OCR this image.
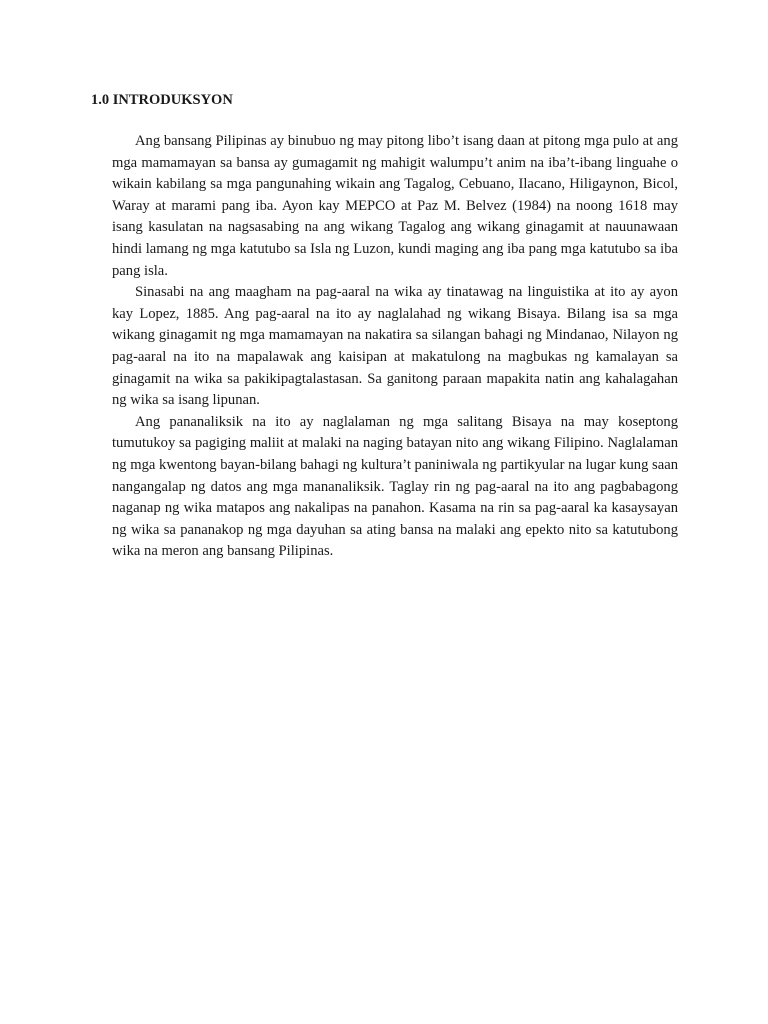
1.0 INTRODUKSYON

Ang bansang Pilipinas ay binubuo ng may pitong libo’t isang daan at pitong mga pulo at ang mga mamamayan sa bansa ay gumagamit ng mahigit walumpu’t anim na iba’t-ibang linguahe o wikain kabilang sa mga pangunahing wikain ang Tagalog, Cebuano, Ilacano, Hiligaynon, Bicol, Waray at marami pang iba. Ayon kay MEPCO at Paz M. Belvez (1984) na noong 1618 may isang kasulatan na nagsasabing na ang wikang Tagalog ang wikang ginagamit at nauunawaan hindi lamang ng mga katutubo sa Isla ng Luzon, kundi maging ang iba pang mga katutubo sa iba pang isla.

Sinasabi na ang maagham na pag-aaral na wika ay tinatawag na linguistika at ito ay ayon kay Lopez, 1885. Ang pag-aaral na ito ay naglalahad ng wikang Bisaya. Bilang isa sa mga wikang ginagamit ng mga mamamayan na nakatira sa silangan bahagi ng Mindanao, Nilayon ng pag-aaral na ito na mapalawak ang kaisipan at makatulong na magbukas ng kamalayan sa ginagamit na wika sa pakikipagtalastasan. Sa ganitong paraan mapakita natin ang kahalagahan ng wika sa isang lipunan.

Ang pananaliksik na ito ay naglalaman ng mga salitang Bisaya na may koseptong tumutukoy sa pagiging maliit at malaki na naging batayan nito ang wikang Filipino. Naglalaman ng mga kwentong bayan-bilang bahagi ng kultura’t paniniwala ng partikyular na lugar kung saan nangangalap ng datos ang mga mananaliksik. Taglay rin ng pag-aaral na ito ang pagbabagong naganap ng wika matapos ang nakalipas na panahon. Kasama na rin sa pag-aaral ka kasaysayan ng wika sa pananakop ng mga dayuhan sa ating bansa na malaki ang epekto nito sa katutubong wika na meron ang bansang Pilipinas.
